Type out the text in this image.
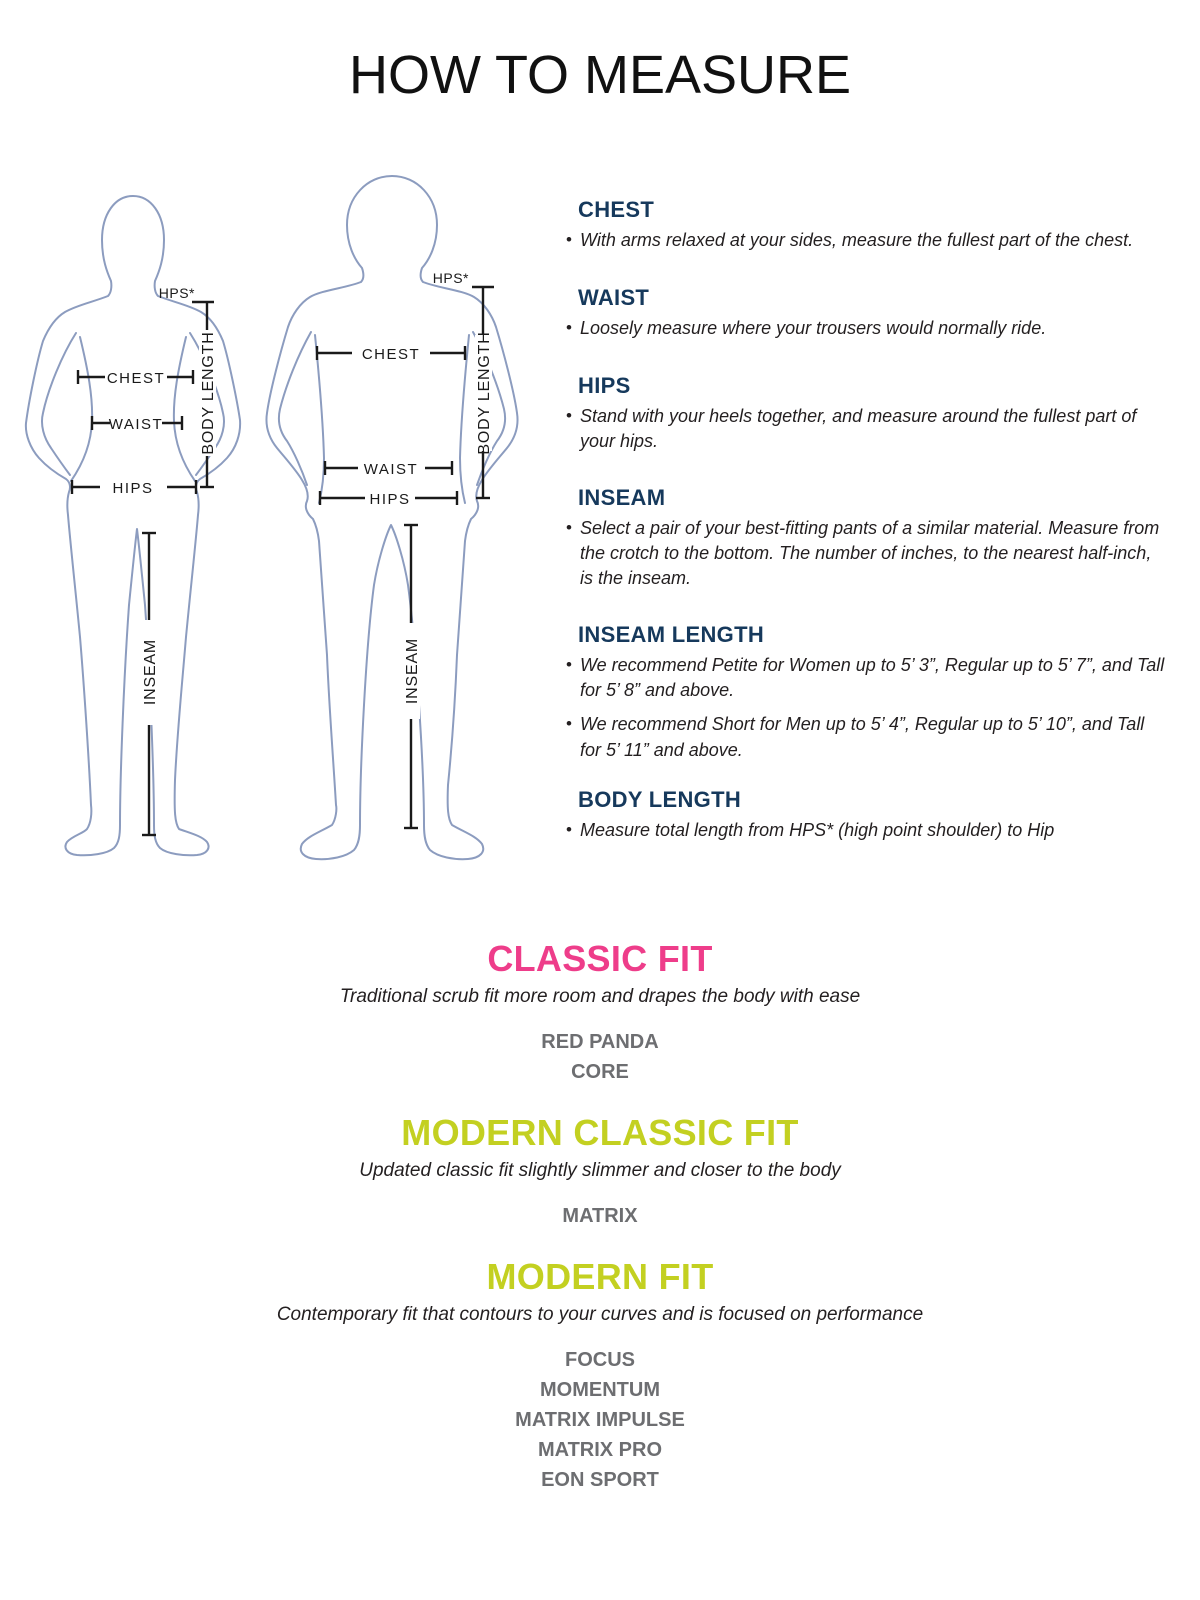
HOW TO MEASURE
CHEST
WAIST
HIPS
HPS*
BODY LENGTH
INSEAM
CHEST
WAIST
HIPS
HPS*
BODY LENGTH
INSEAM
CHEST
• With arms relaxed at your sides, measure the fullest part of the chest.
WAIST
• Loosely measure where your trousers would normally ride.
HIPS
• Stand with your heels together, and measure around the fullest part of your hips.
INSEAM
• Select a pair of your best-fitting pants of a similar material. Measure from the crotch to the bottom. The number of inches, to the nearest half-inch, is the inseam.
INSEAM LENGTH
• We recommend Petite for Women up to 5’ 3”, Regular up to 5’ 7”, and Tall for 5’ 8” and above.
• We recommend Short for Men up to 5’ 4”, Regular up to 5’ 10”, and Tall for 5’ 11” and above.
BODY LENGTH
• Measure total length from HPS* (high point shoulder) to Hip
CLASSIC FIT
Traditional scrub fit more room and drapes the body with ease
RED PANDA
CORE
MODERN CLASSIC FIT
Updated classic fit slightly slimmer and closer to the body
MATRIX
MODERN FIT
Contemporary fit that contours to your curves and is focused on performance
FOCUS
MOMENTUM
MATRIX IMPULSE
MATRIX PRO
EON SPORT
